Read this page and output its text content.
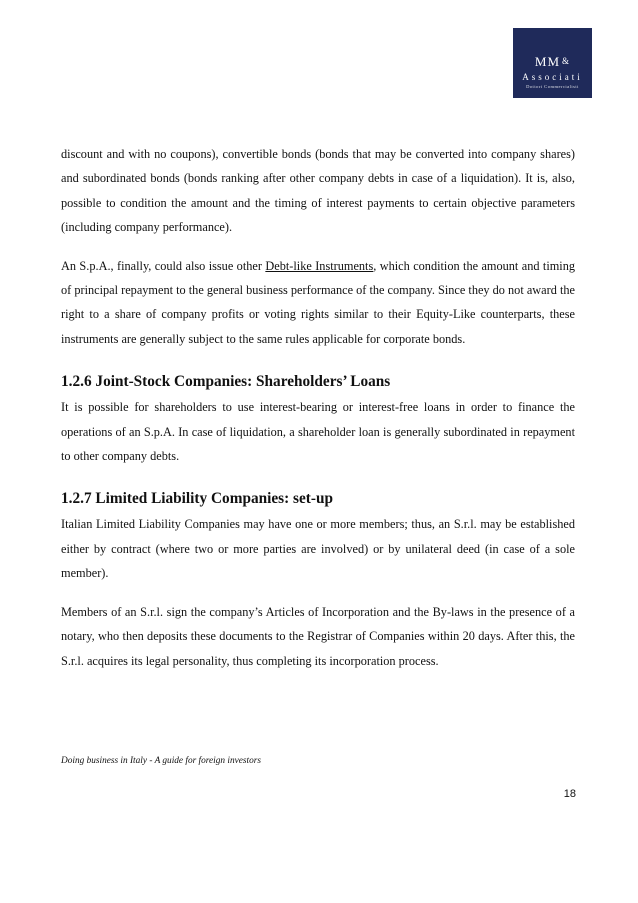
MM &
Associati
Dottori Commercialisti

discount and with no coupons), convertible bonds (bonds that may be converted into company shares) and subordinated bonds (bonds ranking after other company debts in case of a liquidation). It is, also, possible to condition the amount and the timing of interest payments to certain objective parameters (including company performance).

An S.p.A., finally, could also issue other Debt-like Instruments, which condition the amount and timing of principal repayment to the general business performance of the company. Since they do not award the right to a share of company profits or voting rights similar to their Equity-Like counterparts, these instruments are generally subject to the same rules applicable for corporate bonds.

1.2.6 Joint-Stock Companies: Shareholders’ Loans

It is possible for shareholders to use interest-bearing or interest-free loans in order to finance the operations of an S.p.A. In case of liquidation, a shareholder loan is generally subordinated in repayment to other company debts.

1.2.7 Limited Liability Companies: set-up

Italian Limited Liability Companies may have one or more members; thus, an S.r.l. may be established either by contract (where two or more parties are involved) or by unilateral deed (in case of a sole member).

Members of an S.r.l. sign the company’s Articles of Incorporation and the By-laws in the presence of a notary, who then deposits these documents to the Registrar of Companies within 20 days. After this, the S.r.l. acquires its legal personality, thus completing its incorporation process.

Doing business in Italy - A guide for foreign investors
18
